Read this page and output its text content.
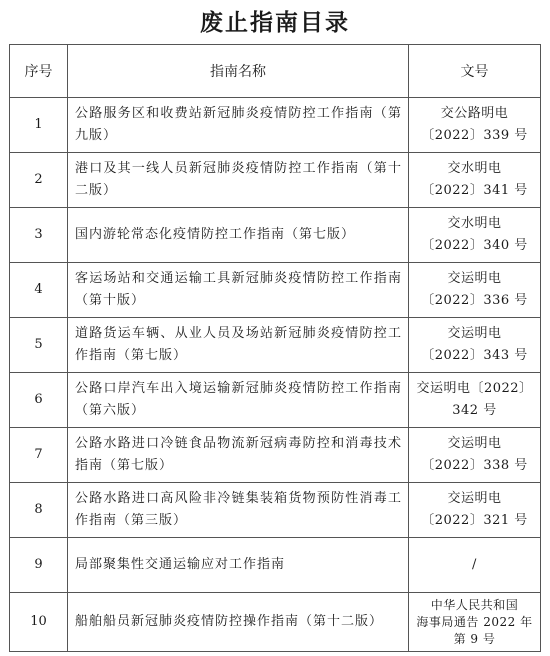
废止指南目录
序号	指南名称	文号
1	公路服务区和收费站新冠肺炎疫情防控工作指南（第九版）	交公路明电
〔2022〕339 号

2	港口及其一线人员新冠肺炎疫情防控工作指南（第十二版）	交水明电
〔2022〕341 号

3	国内游轮常态化疫情防控工作指南（第七版）	交水明电
〔2022〕340 号

4	客运场站和交通运输工具新冠肺炎疫情防控工作指南（第十版）	交运明电
〔2022〕336 号

5	道路货运车辆、从业人员及场站新冠肺炎疫情防控工作指南（第七版）	交运明电
〔2022〕343 号

6	公路口岸汽车出入境运输新冠肺炎疫情防控工作指南（第六版）	交运明电〔2022〕
342 号

7	公路水路进口冷链食品物流新冠病毒防控和消毒技术指南（第七版）	交运明电
〔2022〕338 号

8	公路水路进口高风险非冷链集装箱货物预防性消毒工作指南（第三版）	交运明电
〔2022〕321 号

9	局部聚集性交通运输应对工作指南	/

10	船舶船员新冠肺炎疫情防控操作指南（第十二版）	中华人民共和国
海事局通告 2022 年
第 9 号
